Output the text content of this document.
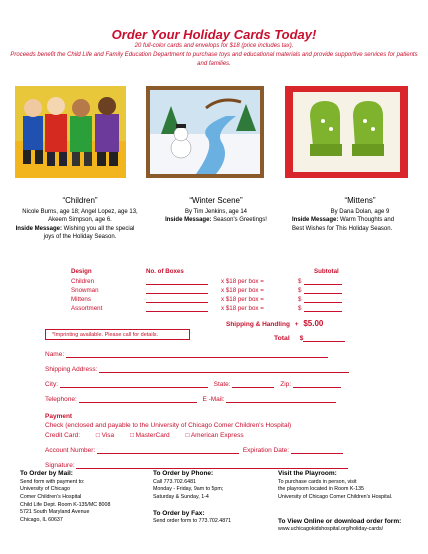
Order Your Holiday Cards Today!
20 full-color cards and envelops for $18 (price includes tax).
Proceeds benefit the Child Life and Family Education Department to purchase toys and educational materials and provide supportive services for patients and families.
“Children”
Nicole Burns, age 18; Angel Lopez, age 13,
Akeem Simpson, age 6.
Inside Message: Wishing you all the special
joys of the Holiday Season.
“Winter Scene”
By Tim Jenkins, age 14
Inside Message: Season's Greetings!
“Mittens”
By Dana Dolan, age 9
Inside Message: Warm Thoughts and
Best Wishes for This Holiday Season.
Design	No. of Boxes	Subtotal
Children	x $18 per box =	$
Snowman	x $18 per box =	$
Mittens	x $18 per box =	$
Assortment	x $18 per box =	$
Shipping & Handling + $5.00
Total $
*Imprinting available. Please call for details.
Name:
Shipping Address:
City:	State:	Zip:
Telephone:	E -Mail:
Payment
Check (enclosed and payable to the University of Chicago Comer Children's Hospital)
Credit Card: □ Visa □ MasterCard □ American Express
Account Number:	Expiration Date:
Signature:
To Order by Mail:
Send form with payment to:
University of Chicago
Comer Children's Hospital
Child Life Dept. Room K-135/MC 8008
5721 South Maryland Avenue
Chicago, IL 60637
To Order by Phone:
Call 773.702.6481
Monday - Friday, 9am to 5pm;
Saturday & Sunday, 1-4
To Order by Fax:
Send order form to 773.702.4871
Visit the Playroom:
To purchase cards in person, visit
the playroom located in Room K-135
University of Chicago Comer Children's Hospital.
To View Online or download order form:
www.uchicagokidshospital.org/holiday-cards/
